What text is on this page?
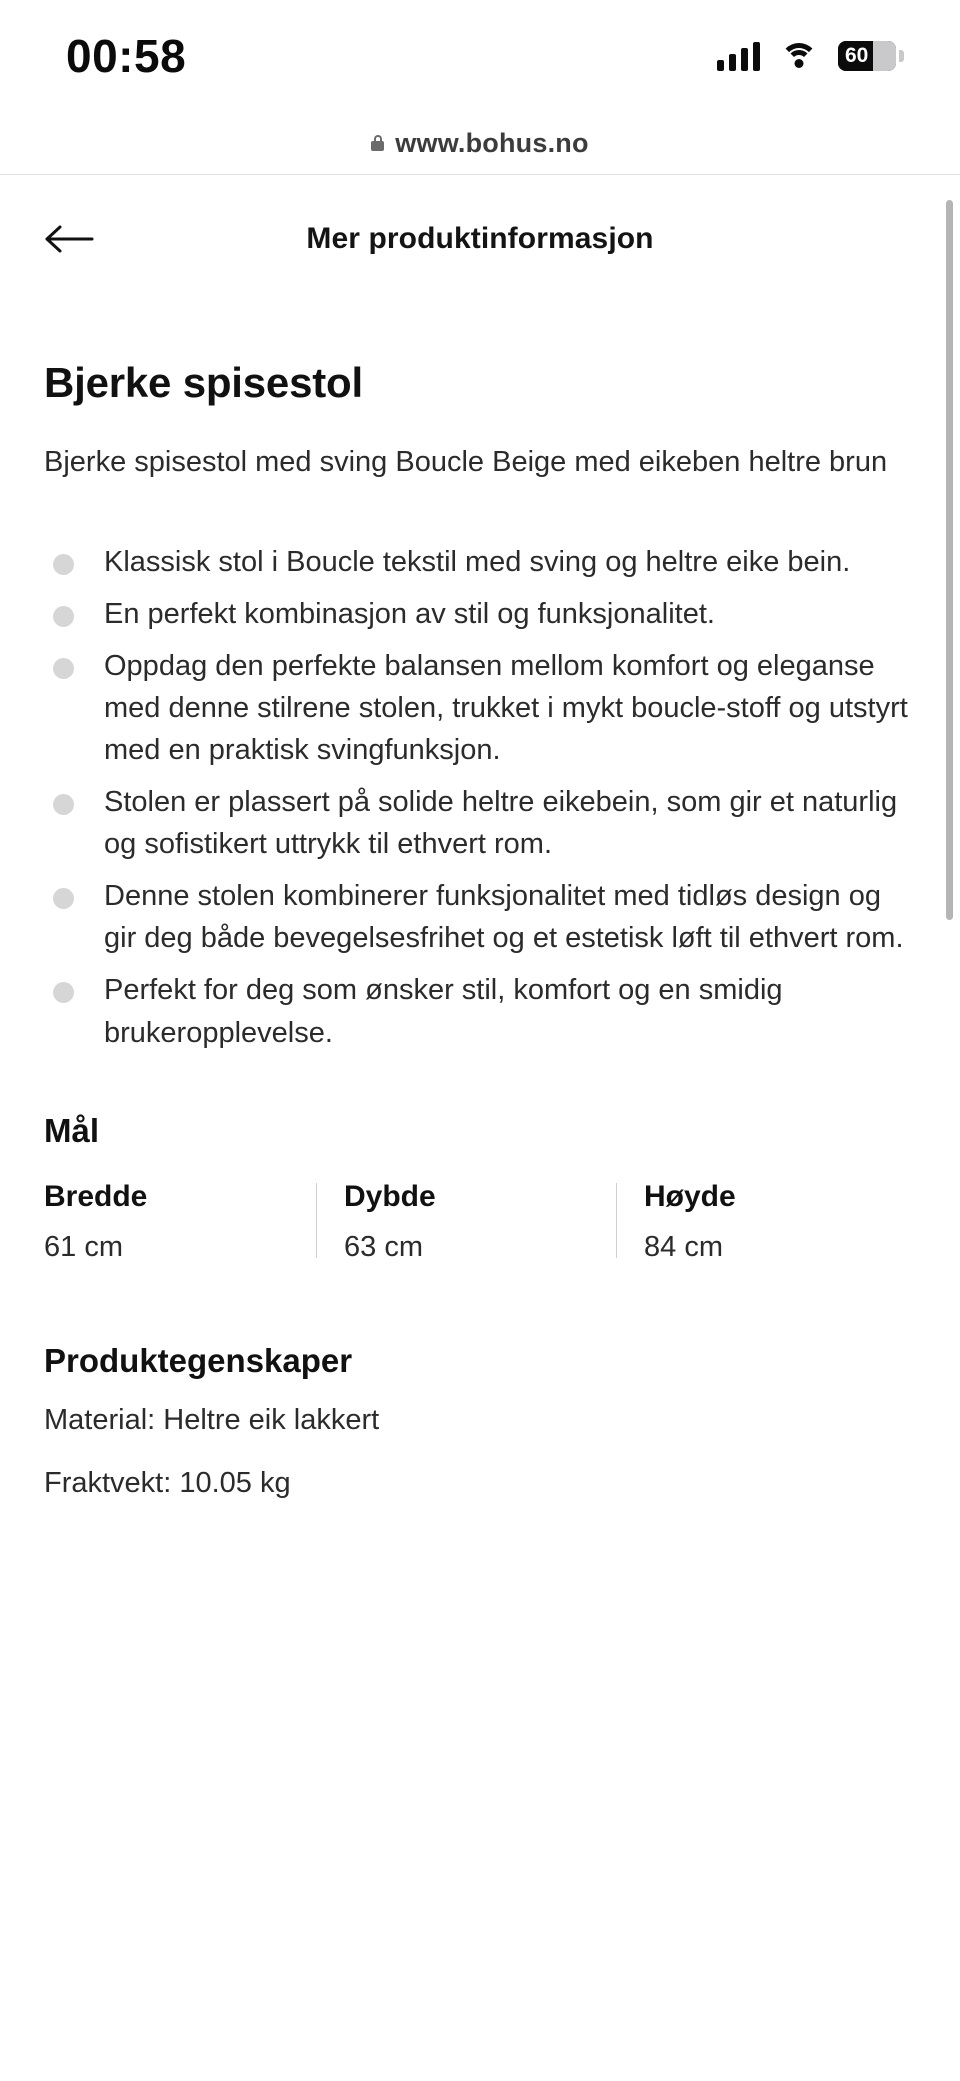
00:58	60
www.bohus.no
Mer produktinformasjon
Bjerke spisestol

Bjerke spisestol med sving Boucle Beige med eikeben heltre brun

Klassisk stol i Boucle tekstil med sving og heltre eike bein.
En perfekt kombinasjon av stil og funksjonalitet.
Oppdag den perfekte balansen mellom komfort og eleganse med denne stilrene stolen, trukket i mykt boucle-stoff og utstyrt med en praktisk svingfunksjon.
Stolen er plassert på solide heltre eikebein, som gir et naturlig og sofistikert uttrykk til ethvert rom.
Denne stolen kombinerer funksjonalitet med tidløs design og gir deg både bevegelsesfrihet og et estetisk løft til ethvert rom.
Perfekt for deg som ønsker stil, komfort og en smidig brukeropplevelse.
Mål
Bredde
61 cm
Dybde
63 cm
Høyde
84 cm
Produktegenskaper
Material: Heltre eik lakkert
Fraktvekt: 10.05 kg
